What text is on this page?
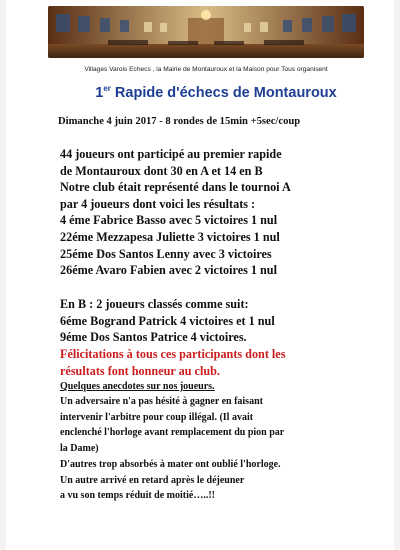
Villages Varois Echecs , la Mairie de Montauroux et la Maison pour Tous organisent
1er Rapide d'échecs de Montauroux
Dimanche 4 juin 2017 - 8 rondes de 15min +5sec/coup
44 joueurs ont participé au premier rapide
de Montauroux dont 30 en A et 14 en B
Notre club était représenté dans le tournoi A
par 4 joueurs dont voici les résultats :
4 éme Fabrice Basso avec 5 victoires 1 nul
22éme Mezzapesa Juliette 3 victoires 1 nul
25éme Dos Santos Lenny avec 3 victoires
26éme Avaro Fabien avec 2 victoires 1 nul
En B : 2 joueurs classés comme suit:
6éme Bogrand Patrick 4 victoires et 1 nul
9éme Dos Santos Patrice 4 victoires.
Félicitations à tous ces participants dont les
résultats font honneur au club.
Quelques anecdotes sur nos joueurs.
Un adversaire n'a pas hésité à gagner en faisant
intervenir l'arbitre pour coup illégal. (Il avait
enclenché l'horloge avant remplacement du pion par
la Dame)
D'autres trop absorbés à mater ont oublié l'horloge.
Un autre arrivé en retard après le déjeuner
a vu son temps réduit de moitié…..!!
